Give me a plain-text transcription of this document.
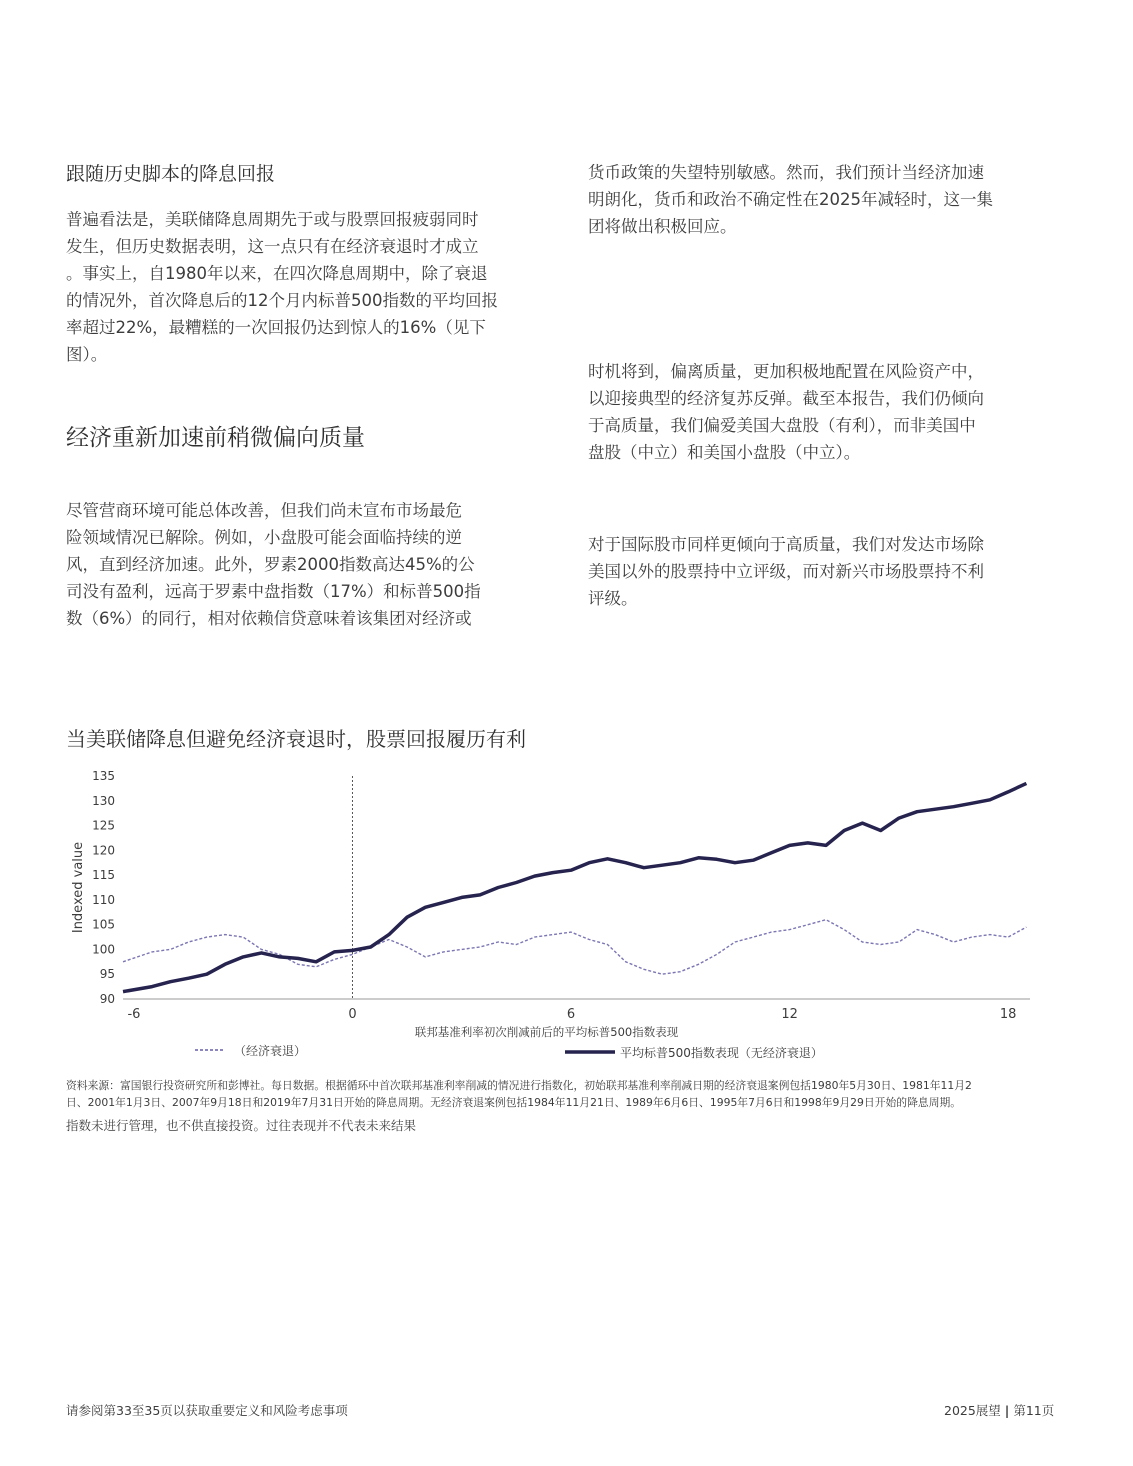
跟随历史脚本的降息回报
普遍看法是，美联储降息周期先于或与股票回报疲弱同时
发生，但历史数据表明，这一点只有在经济衰退时才成立
。事实上，自1980年以来，在四次降息周期中，除了衰退
的情况外，首次降息后的12个月内标普500指数的平均回报
率超过22%，最糟糕的一次回报仍达到惊人的16%（见下
图）。
经济重新加速前稍微偏向质量
尽管营商环境可能总体改善，但我们尚未宣布市场最危
险领域情况已解除。例如，小盘股可能会面临持续的逆
风，直到经济加速。此外，罗素2000指数高达45%的公
司没有盈利，远高于罗素中盘指数（17%）和标普500指
数（6%）的同行，相对依赖信贷意味着该集团对经济或
货币政策的失望特别敏感。然而，我们预计当经济加速
明朗化，货币和政治不确定性在2025年减轻时，这一集
团将做出积极回应。
时机将到，偏离质量，更加积极地配置在风险资产中，
以迎接典型的经济复苏反弹。截至本报告，我们仍倾向
于高质量，我们偏爱美国大盘股（有利），而非美国中
盘股（中立）和美国小盘股（中立）。
对于国际股市同样更倾向于高质量，我们对发达市场除
美国以外的股票持中立评级，而对新兴市场股票持不利
评级。
当美联储降息但避免经济衰退时，股票回报履历有利
90
95
100
105
110
115
120
125
130
135
-6	0	6	12	18
Indexed value
联邦基准利率初次削减前后的平均标普500指数表现
（经济衰退）	平均标普500指数表现（无经济衰退）
资料来源：富国银行投资研究所和彭博社。每日数据。根据循环中首次联邦基准利率削减的情况进行指数化，初始联邦基准利率削减日期的经济衰退案例包括1980年5月30日、1981年11月2
日、2001年1月3日、2007年9月18日和2019年7月31日开始的降息周期。无经济衰退案例包括1984年11月21日、1989年6月6日、1995年7月6日和1998年9月29日开始的降息周期。
指数未进行管理，也不供直接投资。过往表现并不代表未来结果
请参阅第33至35页以获取重要定义和风险考虑事项	2025展望 | 第11页
